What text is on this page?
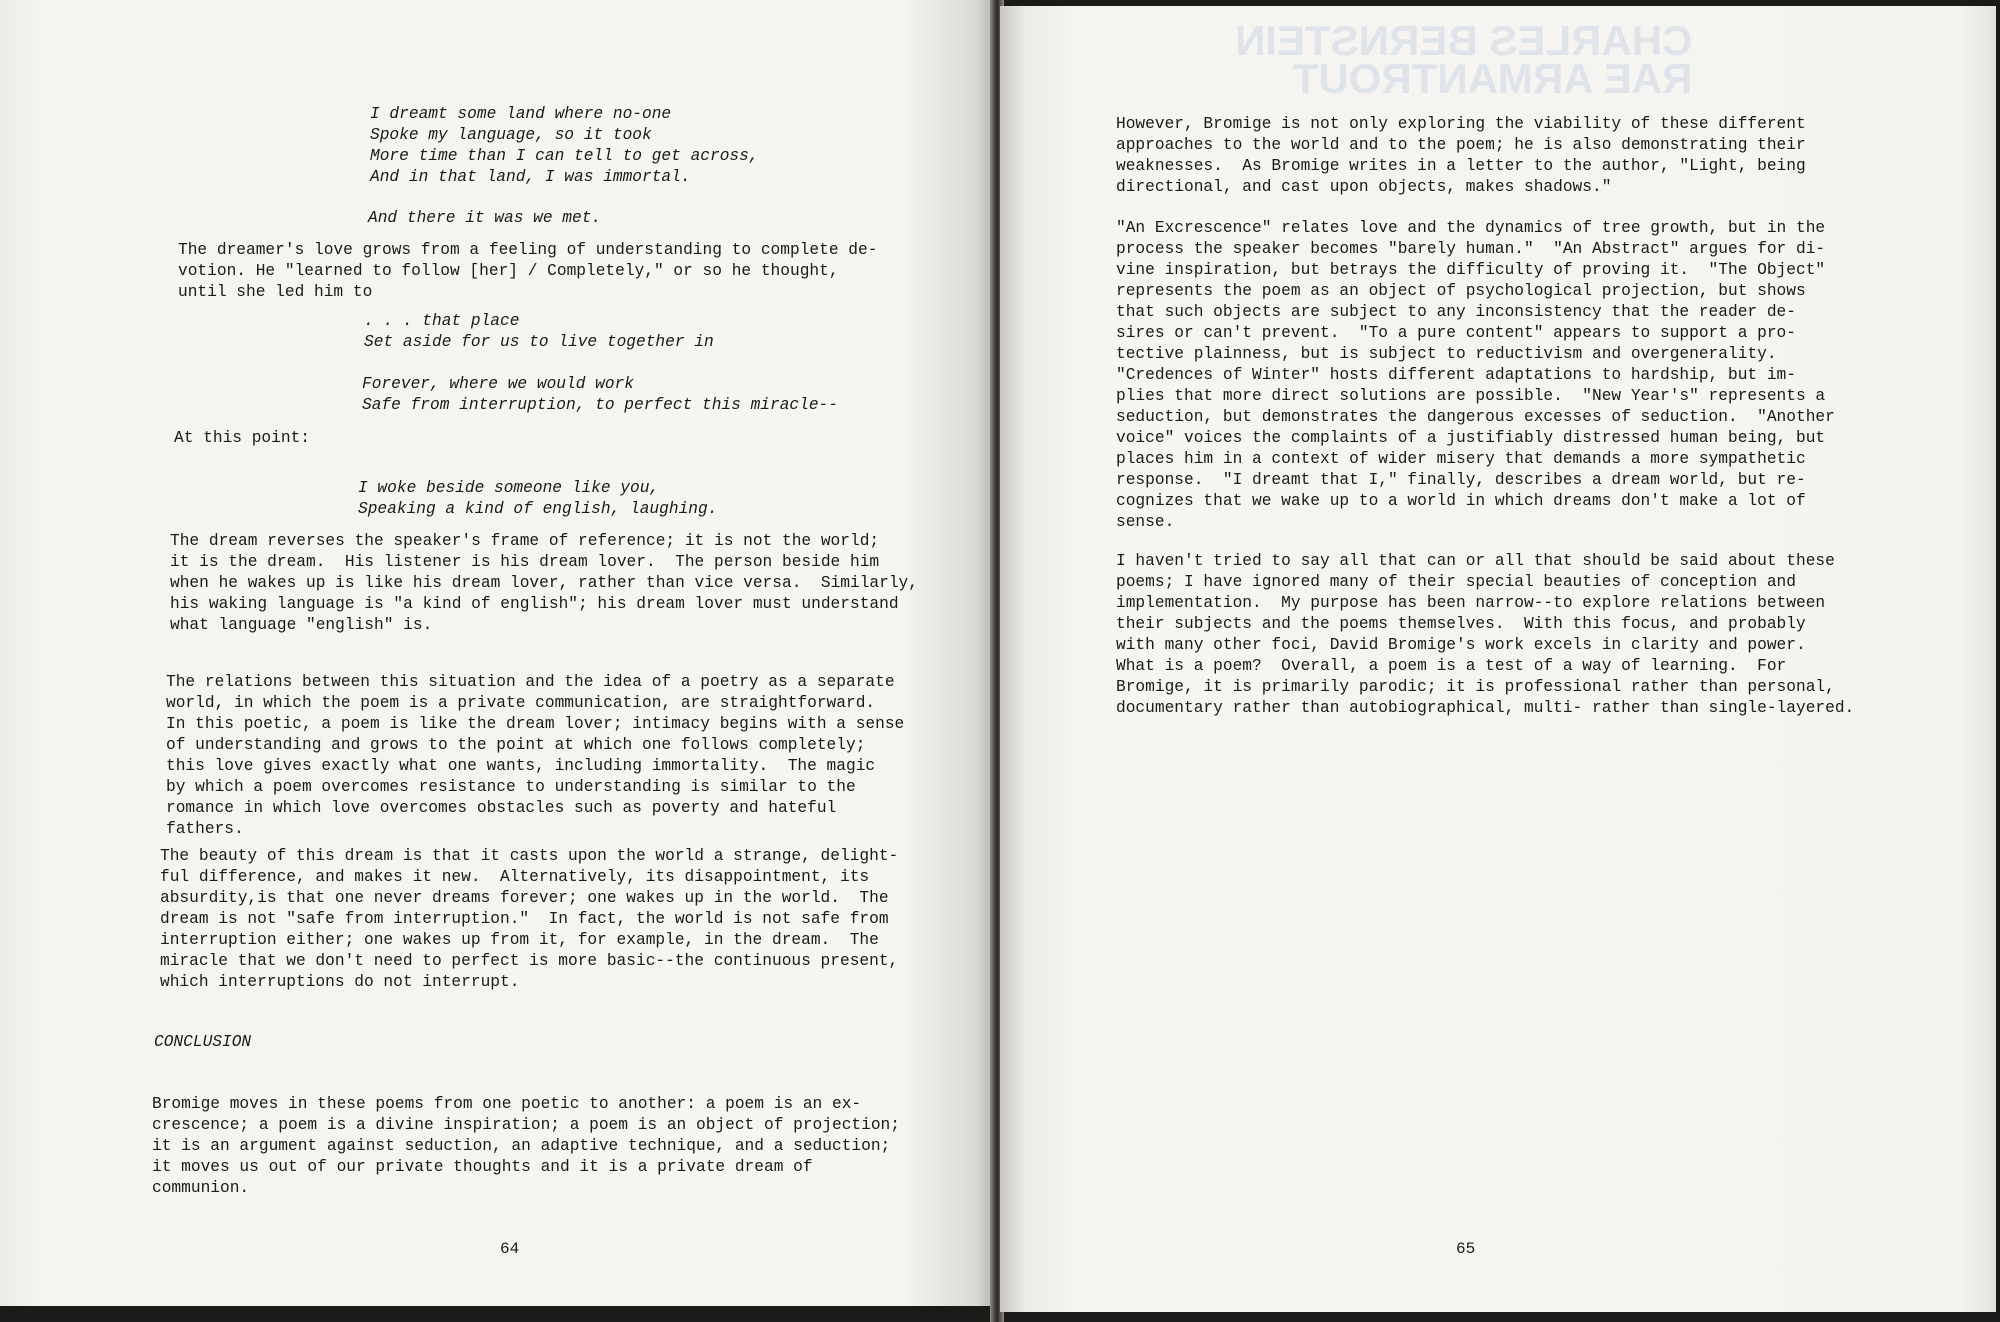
I dreamt some land where no-one
Spoke my language, so it took
More time than I can tell to get across,
And in that land, I was immortal.
And there it was we met.
The dreamer's love grows from a feeling of understanding to complete de-
votion. He "learned to follow [her] / Completely," or so he thought,
until she led him to
. . . that place
Set aside for us to live together in
Forever, where we would work
Safe from interruption, to perfect this miracle--
At this point:
I woke beside someone like you,
Speaking a kind of english, laughing.
The dream reverses the speaker's frame of reference; it is not the world;
it is the dream.  His listener is his dream lover.  The person beside him
when he wakes up is like his dream lover, rather than vice versa.  Similarly,
his waking language is "a kind of english"; his dream lover must understand
what language "english" is.
The relations between this situation and the idea of a poetry as a separate
world, in which the poem is a private communication, are straightforward.
In this poetic, a poem is like the dream lover; intimacy begins with a sense
of understanding and grows to the point at which one follows completely;
this love gives exactly what one wants, including immortality.  The magic
by which a poem overcomes resistance to understanding is similar to the
romance in which love overcomes obstacles such as poverty and hateful
fathers.
The beauty of this dream is that it casts upon the world a strange, delight-
ful difference, and makes it new.  Alternatively, its disappointment, its
absurdity,is that one never dreams forever; one wakes up in the world.  The
dream is not "safe from interruption."  In fact, the world is not safe from
interruption either; one wakes up from it, for example, in the dream.  The
miracle that we don't need to perfect is more basic--the continuous present,
which interruptions do not interrupt.
CONCLUSION
Bromige moves in these poems from one poetic to another: a poem is an ex-
crescence; a poem is a divine inspiration; a poem is an object of projection;
it is an argument against seduction, an adaptive technique, and a seduction;
it moves us out of our private thoughts and it is a private dream of
communion.
64
However, Bromige is not only exploring the viability of these different
approaches to the world and to the poem; he is also demonstrating their
weaknesses.  As Bromige writes in a letter to the author, "Light, being
directional, and cast upon objects, makes shadows."
"An Excrescence" relates love and the dynamics of tree growth, but in the
process the speaker becomes "barely human."  "An Abstract" argues for di-
vine inspiration, but betrays the difficulty of proving it.  "The Object"
represents the poem as an object of psychological projection, but shows
that such objects are subject to any inconsistency that the reader de-
sires or can't prevent.  "To a pure content" appears to support a pro-
tective plainness, but is subject to reductivism and overgenerality.
"Credences of Winter" hosts different adaptations to hardship, but im-
plies that more direct solutions are possible.  "New Year's" represents a
seduction, but demonstrates the dangerous excesses of seduction.  "Another
voice" voices the complaints of a justifiably distressed human being, but
places him in a context of wider misery that demands a more sympathetic
response.  "I dreamt that I," finally, describes a dream world, but re-
cognizes that we wake up to a world in which dreams don't make a lot of
sense.
I haven't tried to say all that can or all that should be said about these
poems; I have ignored many of their special beauties of conception and
implementation.  My purpose has been narrow--to explore relations between
their subjects and the poems themselves.  With this focus, and probably
with many other foci, David Bromige's work excels in clarity and power.
What is a poem?  Overall, a poem is a test of a way of learning.  For
Bromige, it is primarily parodic; it is professional rather than personal,
documentary rather than autobiographical, multi- rather than single-layered.
65
CHARLES BERNSTEIN
RAE ARMANTROUT
